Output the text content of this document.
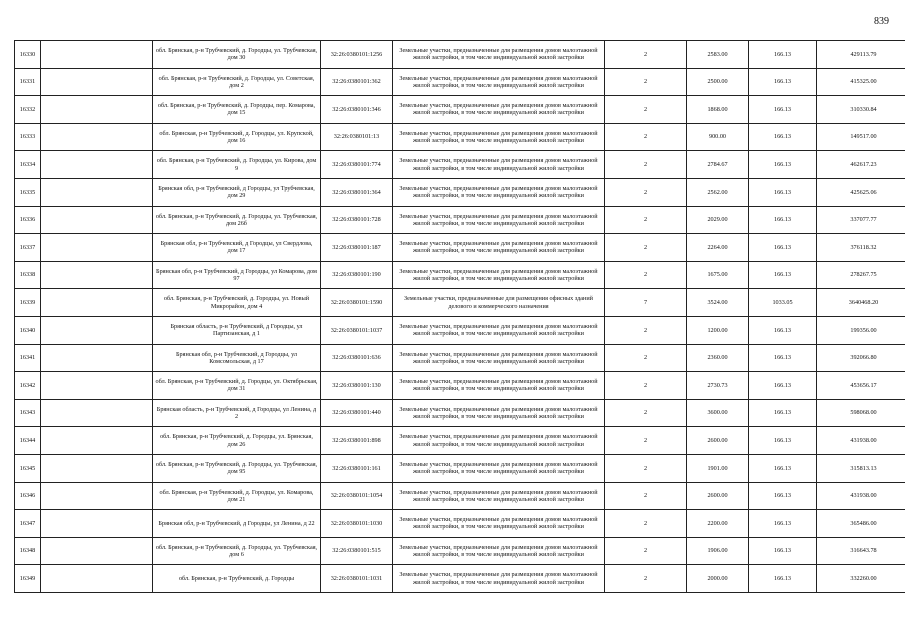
839
16330		обл. Брянская, р-н Трубчевский, д. Городцы, ул. Трубчевская, дом 30	32:26:0380101:1256	Земельные участки, предназначенные для размещения домов малоэтажной жилой застройки, в том числе индивидуальной жилой застройки	2	2583.00	166.13	429113.79
16331		обл. Брянская, р-н Трубчевский, д. Городцы, ул. Советская, дом 2	32:26:0380101:362	Земельные участки, предназначенные для размещения домов малоэтажной жилой застройки, в том числе индивидуальной жилой застройки	2	2500.00	166.13	415325.00
16332		обл. Брянская, р-н Трубчевский, д. Городцы, пер. Комарова, дом 15	32:26:0380101:346	Земельные участки, предназначенные для размещения домов малоэтажной жилой застройки, в том числе индивидуальной жилой застройки	2	1868.00	166.13	310330.84
16333		обл. Брянская, р-н Трубчевский, д. Городцы, ул. Крупской, дом 16	32:26:0380101:13	Земельные участки, предназначенные для размещения домов малоэтажной жилой застройки, в том числе индивидуальной жилой застройки	2	900.00	166.13	149517.00
16334		обл. Брянская, р-н Трубчевский, д. Городцы, ул. Кирова, дом 9	32:26:0380101:774	Земельные участки, предназначенные для размещения домов малоэтажной жилой застройки, в том числе индивидуальной жилой застройки	2	2784.67	166.13	462617.23
16335		Брянская обл, р-н Трубчевский, д Городцы, ул Трубчевская, дом 29	32:26:0380101:364	Земельные участки, предназначенные для размещения домов малоэтажной жилой застройки, в том числе индивидуальной жилой застройки	2	2562.00	166.13	425625.06
16336		обл. Брянская, р-н Трубчевский, д. Городцы, ул. Трубчевская, дом 26б	32:26:0380101:728	Земельные участки, предназначенные для размещения домов малоэтажной жилой застройки, в том числе индивидуальной жилой застройки	2	2029.00	166.13	337077.77
16337		Брянская обл, р-н Трубчевский, д Городцы, ул Свердлова, дом 17	32:26:0380101:187	Земельные участки, предназначенные для размещения домов малоэтажной жилой застройки, в том числе индивидуальной жилой застройки	2	2264.00	166.13	376118.32
16338		Брянская обл, р-н Трубчевский, д Городцы, ул Комарова, дом 97	32:26:0380101:190	Земельные участки, предназначенные для размещения домов малоэтажной жилой застройки, в том числе индивидуальной жилой застройки	2	1675.00	166.13	278267.75
16339		обл. Брянская, р-н Трубчевский, д. Городцы, ул. Новый Микрорайон, дом 4	32:26:0380101:1590	Земельные участки, предназначенные для размещения офисных зданий делового и коммерческого назначения	7	3524.00	1033.05	3640468.20
16340		Брянская область, р-н Трубчевский, д Городцы, ул Партизанская, д 1	32:26:0380101:1037	Земельные участки, предназначенные для размещения домов малоэтажной жилой застройки, в том числе индивидуальной жилой застройки	2	1200.00	166.13	199356.00
16341		Брянская обл, р-н Трубчевский, д Городцы, ул Комсомольская, д 17	32:26:0380101:636	Земельные участки, предназначенные для размещения домов малоэтажной жилой застройки, в том числе индивидуальной жилой застройки	2	2360.00	166.13	392066.80
16342		обл. Брянская, р-н Трубчевский, д. Городцы, ул. Октябрьская, дом 31	32:26:0380101:130	Земельные участки, предназначенные для размещения домов малоэтажной жилой застройки, в том числе индивидуальной жилой застройки	2	2730.73	166.13	453656.17
16343		Брянская область, р-н Трубчевский, д Городцы, ул Ленина, д 2	32:26:0380101:440	Земельные участки, предназначенные для размещения домов малоэтажной жилой застройки, в том числе индивидуальной жилой застройки	2	3600.00	166.13	598068.00
16344		обл. Брянская, р-н Трубчевский, д. Городцы, ул. Брянская, дом 26	32:26:0380101:898	Земельные участки, предназначенные для размещения домов малоэтажной жилой застройки, в том числе индивидуальной жилой застройки	2	2600.00	166.13	431938.00
16345		обл. Брянская, р-н Трубчевский, д. Городцы, ул. Трубчевская, дом 95	32:26:0380101:161	Земельные участки, предназначенные для размещения домов малоэтажной жилой застройки, в том числе индивидуальной жилой застройки	2	1901.00	166.13	315813.13
16346		обл. Брянская, р-н Трубчевский, д. Городцы, ул. Комарова, дом 21	32:26:0380101:1054	Земельные участки, предназначенные для размещения домов малоэтажной жилой застройки, в том числе индивидуальной жилой застройки	2	2600.00	166.13	431938.00
16347		Брянская обл, р-н Трубчевский, д Городцы, ул Ленина, д 22	32:26:0380101:1030	Земельные участки, предназначенные для размещения домов малоэтажной жилой застройки, в том числе индивидуальной жилой застройки	2	2200.00	166.13	365486.00
16348		обл. Брянская, р-н Трубчевский, д. Городцы, ул. Трубчевская, дом 6	32:26:0380101:515	Земельные участки, предназначенные для размещения домов малоэтажной жилой застройки, в том числе индивидуальной жилой застройки	2	1906.00	166.13	316643.78
16349		обл. Брянская, р-н Трубчевский, д. Городцы	32:26:0380101:1031	Земельные участки, предназначенные для размещения домов малоэтажной жилой застройки, в том числе индивидуальной жилой застройки	2	2000.00	166.13	332260.00
